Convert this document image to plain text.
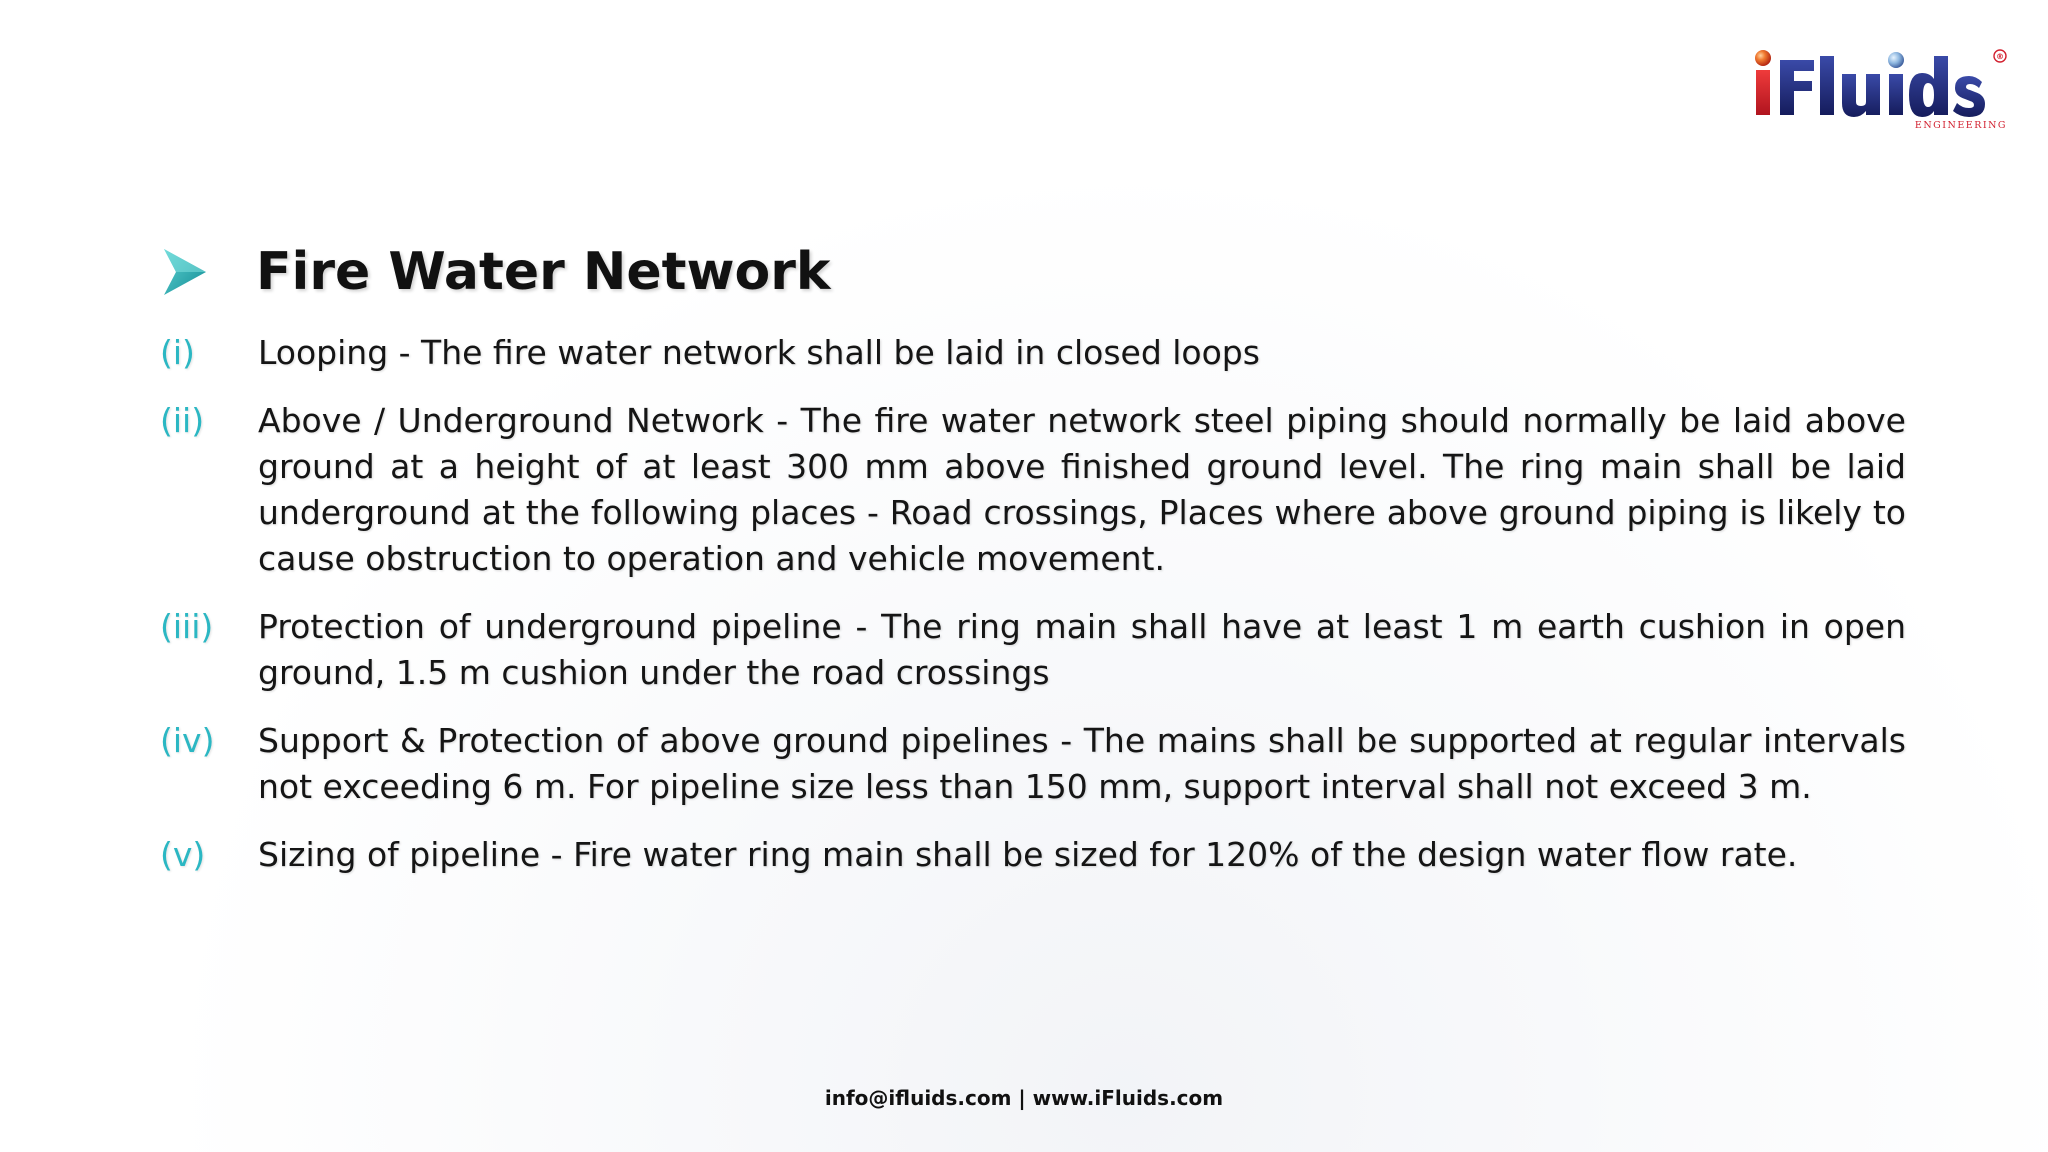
®
ENGINEERING
Fire Water Network
(i)	Looping - The fire water network shall be laid in closed loops
(ii)	Above / Underground Network - The fire water network steel piping should normally be laid above ground at a height of at least 300 mm above finished ground level. The ring main shall be laid underground at the following places - Road crossings, Places where above ground piping is likely to cause obstruction to operation and vehicle movement.
(iii)	Protection of underground pipeline - The ring main shall have at least 1 m earth cushion in open ground, 1.5 m cushion under the road crossings
(iv)	Support & Protection of above ground pipelines - The mains shall be supported at regular intervals not exceeding 6 m. For pipeline size less than 150 mm, support interval shall not exceed 3 m.
(v)	Sizing of pipeline - Fire water ring main shall be sized for 120% of the design water flow rate.
info@ifluids.com | www.iFluids.com
